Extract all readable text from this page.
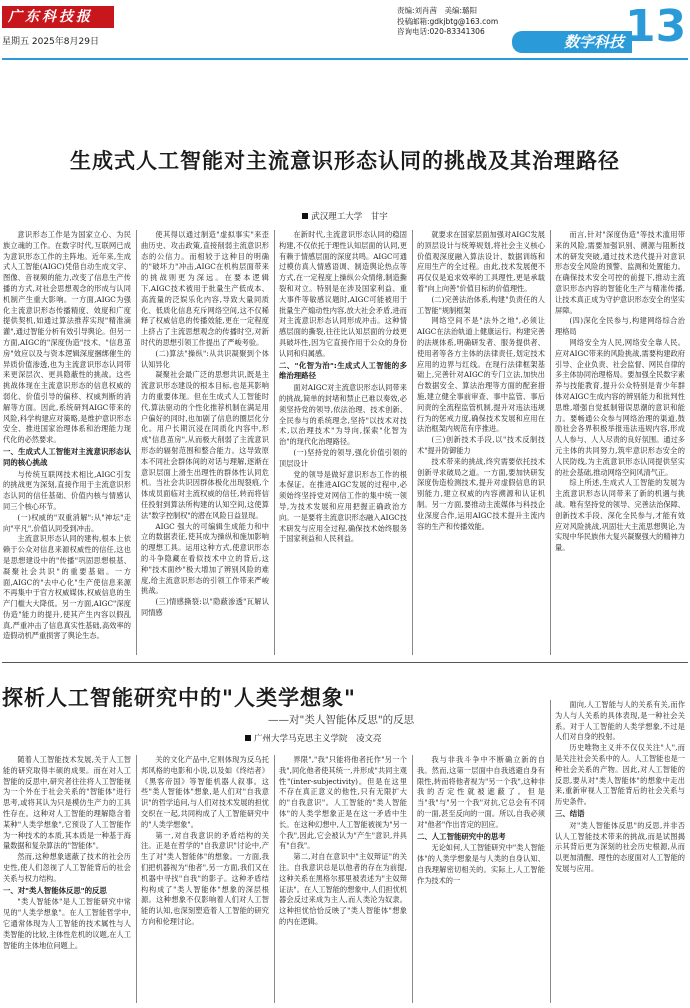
广东科技报
星期五 2025年8月29日
责编:刘肖茜　美编:璐阳
投稿邮箱:gdkjbtg@163.com
咨询电话:020-83341306
数字科技 13
生成式人工智能对主流意识形态认同的挑战及其治理路径
武汉理工大学　甘宇

意识形态工作是为国家立心、为民族立魂的工作。在数字时代,互联网已成为意识形态工作的主阵地。近年来,生成式人工智能(AIGC)凭借自动生成文字、图像、音视频的能力,改变了信息生产传播的方式,对社会思想观念的形成与认同机制产生重大影响。一方面,AIGC为强化主流意识形态传播精度、效度和广度提供契机,如通过算法推荐实现"精准滴灌",通过智能分析有效引导舆论。但另一方面,AIGC的"深度伪造"技术、"信息茧房"效应以及与资本逻辑深度捆绑催生的异质价值渗透,也为主流意识形态认同带来更深层次、更具隐蔽性的挑战。这些挑战体现在主流意识形态的信息权威的弱化、价值引导的偏移、权威判断的消解等方面。因此,系统研判AIGC带来的风险,科学构建应对策略,是维护意识形态安全、推进国家治理体系和治理能力现代化的必然要求。

一、生成式人工智能对主流意识形态认同的核心挑战

与传统互联网技术相比,AIGC引发的挑战更为深刻,直接作用于主流意识形态认同的信任基础、价值内核与情感认同三个核心环节。

(一)权威的"双重消解":从"神坛"走向"平凡",价值认同受到冲击。

主流意识形态认同的建构,根本上依赖于公众对信息来源权威性的信任,这也是思想建设中的"传播"巩固思想根基、凝聚社会共识"的重要基础。一方面,AIGC的"去中心化"生产使信息来源不再集中于官方权威媒体,权威信息的生产门槛大大降低。另一方面,AIGC"深度伪造"能力的提升,使其产生内容以假乱真,严重冲击了信息真实性基础,高效率的造假动机严重损害了舆论生态。

使其得以通过制造"虚拟事实"来歪曲历史、攻击政策,直接削弱主流意识形态的公信力。而相较于这种目的明确的"破坏力"冲击,AIGC在机构层面带来的挑战则更为深远。在要本逻辑下,AIGC技术被用于批量生产低成本、高流量的泛娱乐化内容,导致大量同质化、低质化信息充斥网络空间,这不仅稀释了权威信息的传播效能,更在一定程度上挤占了主流思想观念的传播时空,对新时代的思想引领工作提出了严峻考验。

(二)算法"操纵":从共识凝聚到个体认知异化

凝聚社会最广泛的思想共识,既是主流意识形态建设的根本目标,也是其影响力的重要体现。但在生成式人工智能时代,算法驱动的个性化推荐机制在满足用户偏好的同时,也加剧了信息的圈层化分化。用户长期沉浸在同质化内容中,形成"信息茧房",从而极大削弱了主流意识形态的辐射范围和整合能力。这导致原本不同社会群体间的对话与理解,逐渐在意识层面上滑生出理性的群体性认同危机。当社会共识因群体极化出现裂痕,个体成员面临对主流权威的信任,转而将信任投射到算法所构建的认知空间,这使算法"数字控制权"的潜在风险日益显现。

AIGC 强大的可编辑生成能力和中立的数据表征,使其成为操纵和施加影响的理想工具。运用这种方式,使意识形态的斗争隐藏在看似技术中立的背后,这种"技术面纱"极大增加了辨别风险的难度,给主流意识形态的引领工作带来严峻挑战。

(三)情感撕裂:以"隐蔽渗透"瓦解认同情感

在新时代,主流意识形态认同的稳固构建,不仅依托于理性认知层面的认同,更有赖于情感层面的深度共鸣。AIGC可通过模仿真人情感语调、制造舆论热点等方式,在一定程度上操纵公众情绪,制造撕裂和对立。特别是在涉及国家利益、重大事件等敏感议题时,AIGC可能被用于批量生产煽动性内容,放大社会矛盾,进而对主流意识形态认同形成冲击。这种情感层面的撕裂,往往比认知层面的分歧更具破坏性,因为它直接作用于公众的身份认同和归属感。

二、"化智为治":生成式人工智能的多维治理路径

面对AIGC对主流意识形态认同带来的挑战,简单的封堵和禁止已难以奏效,必须坚持党的领导,依法治理、技术创新、全民参与的系统理念,坚持"以技术对技术,以治理技术"为导向,探索"化智为治"的现代化治理路径。

(一)坚持党的领导,强化价值引领的顶层设计

党的领导是做好意识形态工作的根本保证。在推进AIGC发展的过程中,必须始终坚持党对网信工作的集中统一领导,为技术发展和应用把握正确政治方向。一是要将主流意识形态融入AIGC技术研发与应用全过程,确保技术始终服务于国家利益和人民利益。

就要求在国家层面加强对AIGC发展的顶层设计与统筹规划,将社会主义核心价值观深度融入算法设计、数据训练和应用生产的全过程。由此,技术发展便不再仅仅是追求效率的工具理性,更是承载着"向上向善"价值目标的价值理性。

(二)完善法治体系,构建"负责任的人工智能"规制框架

网络空间不是"法外之地",必须让AIGC在法治轨道上健康运行。构建完善的法规体系,明确研发者、服务提供者、使用者等各方主体的法律责任,划定技术应用的边界与红线。在现行法律框架基础上,完善针对AIGC的专门立法,加快出台数据安全、算法治理等方面的配套措施,建立健全事前审查、事中监管、事后问责的全流程监管机制,提升对违法违规行为的惩戒力度,确保技术发展和应用在法治框架内规范有序推进。

(三)创新技术手段,以"技术反制技术"提升防御能力

技术带来的挑战,终究需要依托技术创新寻求破局之道。一方面,要加快研发深度伪造检测技术,提升对虚假信息的识别能力,建立权威的内容溯源和认证机制。另一方面,要推动主流媒体与科技企业深度合作,运用AIGC技术提升主流内容的生产和传播效能。

而言,针对"深度伪造"等技术滥用带来的风险,需要加强识别、溯源与阻断技术的研发突破,通过技术迭代提升对意识形态安全风险的预警、监测和处置能力。在确保技术安全可控的前提下,推动主流意识形态内容的智能化生产与精准传播,让技术真正成为守护意识形态安全的坚实屏障。

(四)深化全民参与,构建网络综合治理格局

网络安全为人民,网络安全靠人民。应对AIGC带来的风险挑战,需要构建政府引导、企业负责、社会监督、网民自律的多主体协同治理格局。要加强全民数字素养与技能教育,提升公众特别是青少年群体对AIGC生成内容的辨别能力和批判性思维,增强自觉抵制错误思潮的意识和能力。要畅通公众参与网络治理的渠道,鼓励社会各界积极举报违法违规内容,形成人人参与、人人尽责的良好氛围。通过多元主体的共同努力,筑牢意识形态安全的人民防线,为主流意识形态认同提供坚实的社会基础,推动网络空间风清气正。

综上所述,生成式人工智能的发展为主流意识形态认同带来了新的机遇与挑战。唯有坚持党的领导、完善法治保障、创新技术手段、深化全民参与,才能有效应对风险挑战,巩固壮大主流思想舆论,为实现中华民族伟大复兴凝聚强大的精神力量。

探析人工智能研究中的"人类学想象"
——对"类人智能体反思"的反思
广州大学马克思主义学院　凌文亮

随着人工智能技术发展,关于人工智能的研究取得丰硕的成果。而在对人工智能的反思中,研究者往往将人工智能视为一个外在于社会关系的"智能体"进行思考,或将其认为只是模仿生产力的工具性存在。这种对人工智能的理解隐含着某种"人类学想象",它预设了人工智能作为一种技术的本质,其本质是一种基于海量数据和复杂算法的"智能体"。

然而,这种想象遮蔽了技术的社会历史性,使人们忽视了人工智能背后的社会关系与权力结构。

一、对"类人智能体反思"的反思

"类人智能体"是人工智能研究中常见的"人类学想象"。在人工智能哲学中,它通常体现为人工智能的技术属性与人类智能的比较,主体性危机的议题,在人工智能的主体地位问题上。

关的文化产品中,它则体现为反乌托邦风格的电影和小说,以及如《终结者》《黑客帝国》等智能机器人叙事。这些"类人智能体"想象,是人们对"自我意识"的哲学追问,与人们对技术发展的担忧交织在一起,共同构成了人工智能研究中的"人类学想象"。

第一,对自我意识的矛盾结构的关注。正是在哲学的"自我意识"讨论中,产生了对"类人智能体"的想象。一方面,我们把机器视为"他者",另一方面,我们又在机器中寻找"自我"的影子。这种矛盾结构构成了"类人智能体"想象的深层根源。这种想象不仅影响着人们对人工智能的认知,也深刻塑造着人工智能的研究方向和伦理讨论。

界限","我"只能将他者托作"另一个我",同化他者使其统一,并形成"共同主观性"(inter-subjectivity)。但是在这里不存在真正意义的他性,只有无限扩大的"自我意识"。人工智能的"类人智能体"的人类学想象正是在这一矛盾中生长。在这种幻想中,人工智能被视为"另一个我",因此,它会被认为"产生"意识,并具有"自我"。

第二,对自在意识中"主奴辩证"的关注。自我意识总是以他者的存在为前提,这种关系在黑格尔那里被表述为"主奴辩证法"。在人工智能的想象中,人们担忧机器会反过来成为主人,而人类沦为奴隶。这种担忧恰恰反映了"类人智能体"想象的内在逻辑。

我与非我斗争中不断确立新的自我。然而,这第一层面中自我逃避自身有限性,转而将他者视为"另一个我",这种非我的否定性就被遮蔽了。但是当"我"与"另一个我"对抗,它总会有不同的一面,甚至反向的一面。所以,自我必须对"他者"作出肯定的回应。

二、人工智能研究中的思考

无论如何,人工智能研究中"类人智能体"的人类学想象是与人类的自身认知、自我理解密切相关的。实际上,人工智能作为技术的一

面向,人工智能与人的关系有关,而作为人与人关系的具体表现,是一种社会关系。对于人工智能的人类学想象,不过是人们对自身的投射。

历史唯物主义并不仅仅关注"人",而是关注社会关系中的人。人工智能也是一种社会关系的产物。因此,对人工智能的反思,要从对"类人智能体"的想象中走出来,重新审视人工智能背后的社会关系与历史条件。

三、结语

对"类人智能体反思"的反思,并非否认人工智能技术带来的挑战,而是试图揭示其背后更为深刻的社会历史根源,从而以更加清醒、理性的态度面对人工智能的发展与应用。
